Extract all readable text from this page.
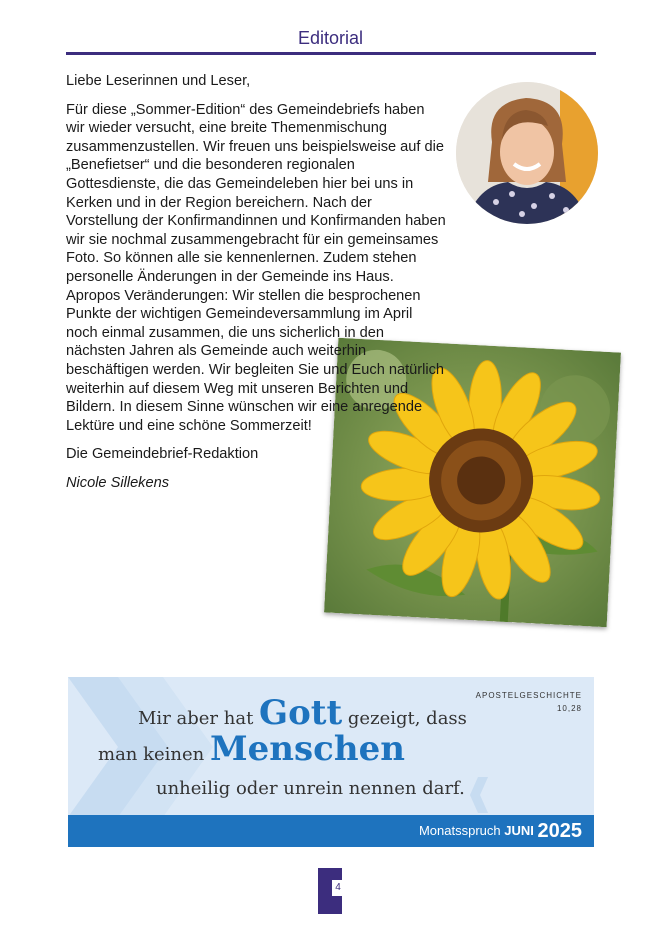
Editorial

Liebe Leserinnen und Leser,

Für diese „Sommer-Edition“ des Gemeindebriefs haben wir wieder versucht, eine breite Themenmischung zusammenzustellen. Wir freuen uns beispielsweise auf die „Benefietser“ und die besonderen regionalen Gottesdienste, die das Gemeindeleben hier bei uns in Kerken und in der Region bereichern. Nach der Vorstellung der Konfirmandinnen und Konfirmanden haben wir sie nochmal zusammengebracht für ein gemeinsames Foto. So können alle sie kennenlernen. Zudem stehen personelle Änderungen in der Gemeinde ins Haus. Apropos Veränderungen: Wir stellen die besprochenen Punkte der wichtigen Gemeindeversammlung im April noch einmal zusammen, die uns sicherlich in den nächsten Jahren als Gemeinde auch weiterhin beschäftigen werden. Wir begleiten Sie und Euch natürlich weiterhin auf diesem Weg mit unseren Berichten und Bildern. In diesem Sinne wünschen wir eine anregende Lektüre und eine schöne Sommerzeit!

Die Gemeindebrief-Redaktion

Nicole Sillekens

APOSTELGESCHICHTE
10,28
Mir aber hat Gott gezeigt, dass
man keinen Menschen
unheilig oder unrein nennen darf.
Monatsspruch JUNI 2025
4
